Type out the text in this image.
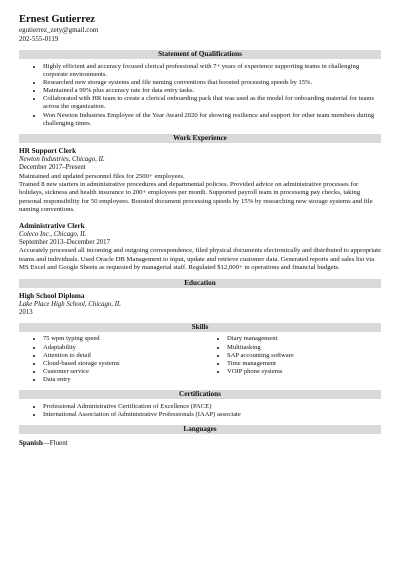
Ernest Gutierrez
egutierrez_zety@gmail.com
202-555-0119
Statement of Qualifications
• Highly efficient and accuracy focused clerical professional with 7+ years of experience supporting teams in challenging corporate environments.
• Researched new storage systems and file naming conventions that boosted processing speeds by 15%.
• Maintained a 99% plus accuracy rate for data entry tasks.
• Collaborated with HR team to create a clerical onboarding pack that was used as the model for onboarding material for teams across the organization.
• Won Newton Industries Employee of the Year Award 2020 for showing resilience and support for other team members during challenging times.
Work Experience
HR Support Clerk
Newton Industries, Chicago, IL
December 2017–Present
Maintained and updated personnel files for 2500+ employees.
Trained 8 new starters in administrative procedures and departmental policies. Provided advice on administrative processes for holidays, sickness and health insurance to 200+ employees per month. Supported payroll team in processing pay checks, taking personal responsibility for 50 employees. Boosted document processing speeds by 15% by researching new storage systems and file naming conventions.
Administrative Clerk
Coleco Inc., Chicago, IL
September 2013–December 2017
Accurately processed all incoming and outgoing correspondence, filed physical documents electronically and distributed to appropriate teams and individuals. Used Oracle DB Management to input, update and retrieve customer data. Generated reports and sales list via MS Excel and Google Sheets as requested by managerial staff. Regulated $12,000+ in operations and financial budgets.
Education
High School Diploma
Lake Place High School, Chicago, IL
2013
Skills
• 75 wpm typing speed
• Adaptability
• Attention to detail
• Cloud-based storage systems
• Customer service
• Data entry
• Diary management
• Multitasking
• SAP accounting software
• Time management
• VOIP phone systems
Certifications
• Professional Administrative Certification of Excellence (PACE)
• International Association of Administrative Professionals (IAAP) associate
Languages
Spanish—Fluent
